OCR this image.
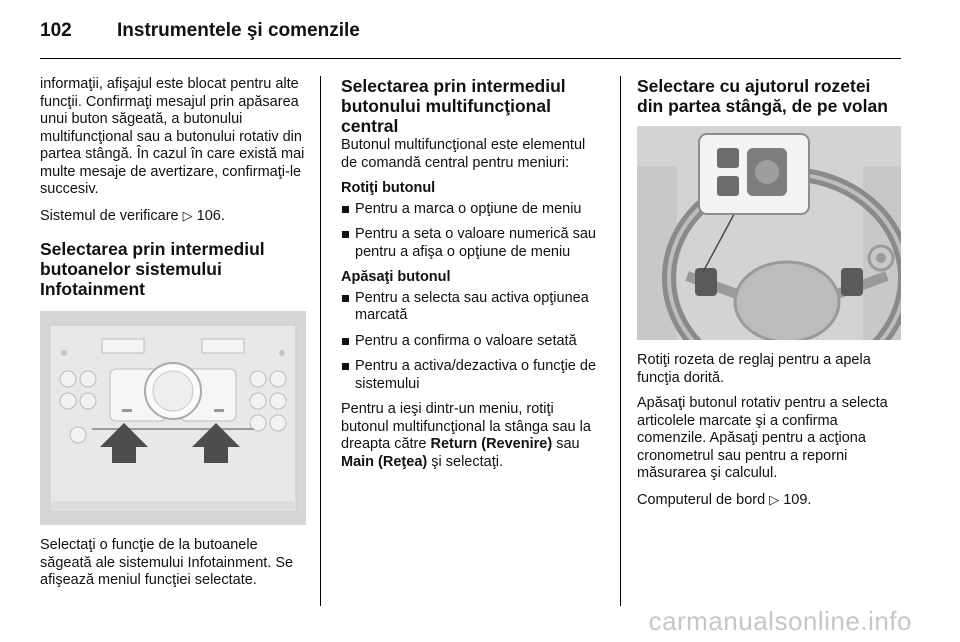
102 Instrumentele şi comenzile

informaţii, afişajul este blocat pentru alte funcţii. Confirmaţi mesajul prin apăsarea unui buton săgeată, a butonului multifuncţional sau a butonului rotativ din partea stângă. În cazul în care există mai multe mesaje de avertizare, confirmaţi-le succesiv.

Sistemul de verificare ▷ 106.

Selectarea prin intermediul butoanelor sistemului Infotainment

Selectaţi o funcţie de la butoanele săgeată ale sistemului Infotainment. Se afişează meniul funcţiei selectate.

Selectarea prin intermediul butonului multifuncţional central

Butonul multifuncţional este elementul de comandă central pentru meniuri:

Rotiţi butonul
Pentru a marca o opţiune de meniu
Pentru a seta o valoare numerică sau pentru a afişa o opţiune de meniu
Apăsaţi butonul
Pentru a selecta sau activa opţiunea marcată
Pentru a confirma o valoare setată
Pentru a activa/dezactiva o funcţie de sistemului

Pentru a ieşi dintr-un meniu, rotiţi butonul multifuncţional la stânga sau la dreapta către Return (Revenire) sau Main (Reţea) şi selectaţi.

Selectare cu ajutorul rozetei din partea stângă, de pe volan

Rotiţi rozeta de reglaj pentru a apela funcţia dorită.

Apăsaţi butonul rotativ pentru a selecta articolele marcate şi a confirma comenzile. Apăsaţi pentru a acţiona cronometrul sau pentru a reporni măsurarea şi calculul.

Computerul de bord ▷ 109.

carmanualsonline.info
